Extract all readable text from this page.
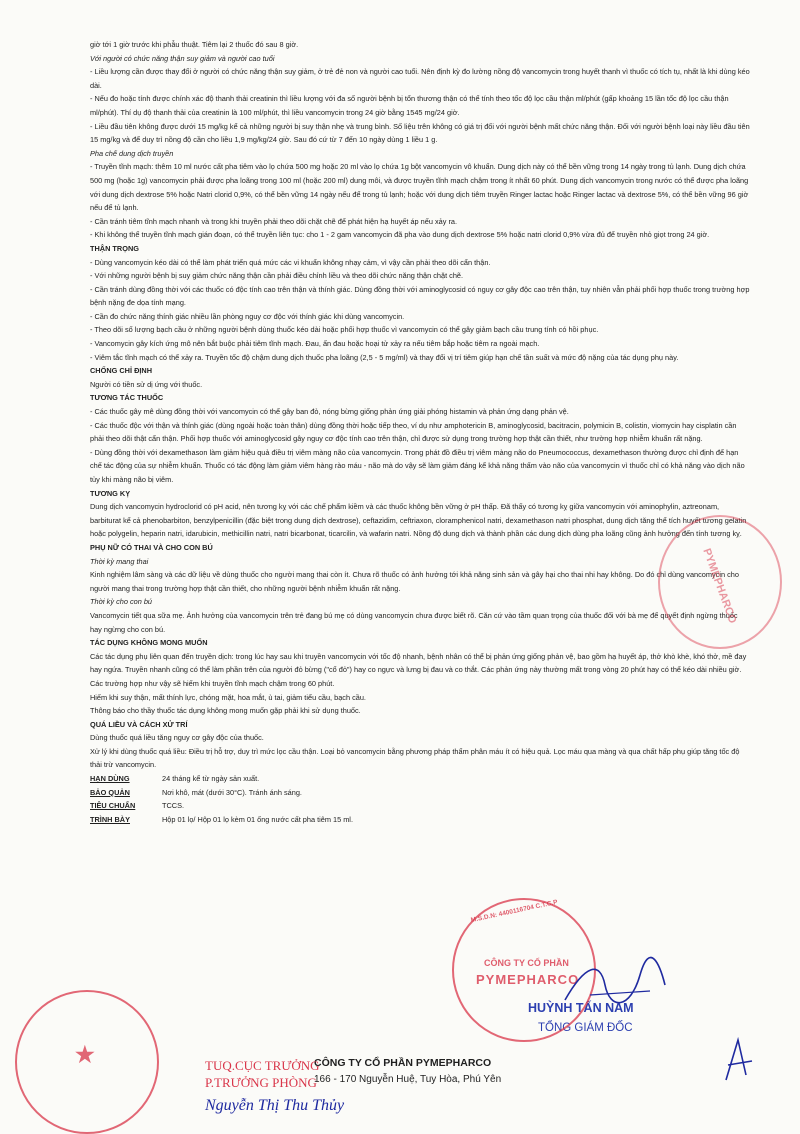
giờ tới 1 giờ trước khi phẫu thuật. Tiêm lại 2 thuốc đó sau 8 giờ.

Với người có chức năng thận suy giảm và người cao tuổi

- Liều lượng cần được thay đổi ở người có chức năng thận suy giảm, ở trẻ đẻ non và người cao tuổi. Nên định kỳ đo lường nồng độ vancomycin trong huyết thanh vì thuốc có tích tụ, nhất là khi dùng kéo dài.

- Nếu đo hoặc tính được chính xác độ thanh thải creatinin thì liều lượng với đa số người bệnh bị tổn thương thận có thể tính theo tốc độ lọc cầu thận ml/phút (gấp khoảng 15 lần tốc độ lọc cầu thận ml/phút). Thí dụ độ thanh thải của creatinin là 100 ml/phút, thì liều vancomycin trong 24 giờ bằng 1545 mg/24 giờ.

- Liều đầu tiên không được dưới 15 mg/kg kể cả những người bị suy thận nhẹ và trung bình. Số liệu trên không có giá trị đối với người bệnh mất chức năng thận. Đối với người bệnh loại này liều đầu tiên 15 mg/kg và để duy trì nồng độ cần cho liều 1,9 mg/kg/24 giờ. Sau đó cứ từ 7 đến 10 ngày dùng 1 liều 1 g.

Pha chế dung dịch truyền

- Truyền tĩnh mạch: thêm 10 ml nước cất pha tiêm vào lọ chứa 500 mg hoặc 20 ml vào lọ chứa 1g bột vancomycin vô khuẩn. Dung dịch này có thể bền vững trong 14 ngày trong tủ lạnh. Dung dịch chứa 500 mg (hoặc 1g) vancomycin phải được pha loãng trong 100 ml (hoặc 200 ml) dung môi, và được truyền tĩnh mạch chậm trong ít nhất 60 phút. Dung dịch vancomycin trong nước có thể được pha loãng với dung dịch dextrose 5% hoặc Natri clorid 0,9%, có thể bền vững 14 ngày nếu để trong tủ lạnh; hoặc với dung dịch tiêm truyền Ringer lactac hoặc Ringer lactac và dextrose 5%, có thể bền vững 96 giờ nếu để tủ lạnh.

- Cần tránh tiêm tĩnh mạch nhanh và trong khi truyền phải theo dõi chặt chẽ để phát hiện hạ huyết áp nếu xảy ra.

- Khi không thể truyền tĩnh mạch gián đoạn, có thể truyền liên tục: cho 1 - 2 gam vancomycin đã pha vào dung dịch dextrose 5% hoặc natri clorid 0,9% vừa đủ để truyền nhỏ giọt trong 24 giờ.

THẬN TRỌNG

- Dùng vancomycin kéo dài có thể làm phát triển quá mức các vi khuẩn không nhạy cảm, vì vậy cần phải theo dõi cẩn thận.

- Với những người bệnh bị suy giảm chức năng thận cần phải điều chỉnh liều và theo dõi chức năng thận chặt chẽ.

- Cần tránh dùng đồng thời với các thuốc có độc tính cao trên thận và thính giác. Dùng đồng thời với aminoglycosid có nguy cơ gây độc cao trên thận, tuy nhiên vẫn phải phối hợp thuốc trong trường hợp bệnh nặng đe dọa tính mạng.

- Cần đo chức năng thính giác nhiều lần phòng nguy cơ độc với thính giác khi dùng vancomycin.

- Theo dõi số lượng bạch cầu ở những người bệnh dùng thuốc kéo dài hoặc phối hợp thuốc vì vancomycin có thể gây giảm bạch cầu trung tính có hồi phục.

- Vancomycin gây kích ứng mô nên bắt buộc phải tiêm tĩnh mạch. Đau, ấn đau hoặc hoại tử xảy ra nếu tiêm bắp hoặc tiêm ra ngoài mạch.

- Viêm tắc tĩnh mạch có thể xảy ra. Truyền tốc độ chậm dung dịch thuốc pha loãng (2,5 - 5 mg/ml) và thay đổi vị trí tiêm giúp hạn chế tần suất và mức độ nặng của tác dụng phụ này.

CHỐNG CHỈ ĐỊNH

Người có tiền sử dị ứng với thuốc.

TƯƠNG TÁC THUỐC

- Các thuốc gây mê dùng đồng thời với vancomycin có thể gây ban đỏ, nóng bừng giống phản ứng giải phóng histamin và phản ứng dạng phản vệ.

- Các thuốc độc với thận và thính giác (dùng ngoài hoặc toàn thân) dùng đồng thời hoặc tiếp theo, ví dụ như amphotericin B, aminoglycosid, bacitracin, polymicin B, colistin, viomycin hay cisplatin cần phải theo dõi thật cẩn thận. Phối hợp thuốc với aminoglycosid gây nguy cơ độc tính cao trên thận, chỉ được sử dụng trong trường hợp thật cần thiết, như trường hợp nhiễm khuẩn rất nặng.

- Dùng đồng thời với dexamethason làm giảm hiệu quả điều trị viêm màng não của vancomycin. Trong phát đồ điều trị viêm màng não do Pneumococcus, dexamethason thường được chỉ định để hạn chế tác động của sự nhiễm khuẩn. Thuốc có tác động làm giảm viêm hàng rào máu - não mà do vậy sẽ làm giảm đáng kể khả năng thấm vào não của vancomycin vì thuốc chỉ có khả năng vào dịch não tủy khi màng não bị viêm.

TƯƠNG KỴ

Dung dịch vancomycin hydroclorid có pH acid, nên tương kỵ với các chế phẩm kiềm và các thuốc không bền vững ở pH thấp. Đã thấy có tương kỵ giữa vancomycin với aminophylin, aztreonam, barbiturat kể cả phenobarbiton, benzylpenicillin (đặc biệt trong dung dịch dextrose), ceftazidim, ceftriaxon, cloramphenicol natri, dexamethason natri phosphat, dung dịch tăng thể tích huyết tương gelatin hoặc polygelin, heparin natri, idarubicin, methicillin natri, natri bicarbonat, ticarcilin, và wafarin natri. Nồng độ dung dịch và thành phần các dung dịch dùng pha loãng cũng ảnh hưởng đến tính tương kỵ.

PHỤ NỮ CÓ THAI VÀ CHO CON BÚ

Thời kỳ mang thai

Kinh nghiệm lâm sàng và các dữ liệu về dùng thuốc cho người mang thai còn ít. Chưa rõ thuốc có ảnh hưởng tới khả năng sinh sản và gây hại cho thai nhi hay không. Do đó chỉ dùng vancomycin cho người mang thai trong trường hợp thật cần thiết, cho những người bệnh nhiễm khuẩn rất nặng.

Thời kỳ cho con bú

Vancomycin tiết qua sữa mẹ. Ảnh hưởng của vancomycin trên trẻ đang bú mẹ có dùng vancomycin chưa được biết rõ. Căn cứ vào tầm quan trọng của thuốc đối với bà mẹ để quyết định ngừng thuốc hay ngừng cho con bú.

TÁC DỤNG KHÔNG MONG MUỐN

Các tác dụng phụ liên quan đến truyền dịch: trong lúc hay sau khi truyền vancomycin với tốc độ nhanh, bệnh nhân có thể bị phản ứng giống phản vệ, bao gồm hạ huyết áp, thở khò khè, khó thở, mề đay hay ngứa. Truyền nhanh cũng có thể làm phần trên của người đỏ bừng ("cổ đỏ") hay co ngực và lưng bị đau và co thắt. Các phản ứng này thường mất trong vòng 20 phút hay có thể kéo dài nhiều giờ. Các trường hợp như vậy sẽ hiếm khi truyền tĩnh mạch chậm trong 60 phút.

Hiếm khi suy thận, mất thính lực, chóng mặt, hoa mắt, ù tai, giảm tiểu cầu, bạch cầu.

Thông báo cho thầy thuốc tác dụng không mong muốn gặp phải khi sử dụng thuốc.

QUÁ LIỀU VÀ CÁCH XỬ TRÍ

Dùng thuốc quá liều tăng nguy cơ gây độc của thuốc.

Xử lý khi dùng thuốc quá liều: Điều trị hỗ trợ, duy trì mức lọc cầu thận. Loại bỏ vancomycin bằng phương pháp thẩm phân máu ít có hiệu quả. Lọc máu qua màng và qua chất hấp phụ giúp tăng tốc độ thải trừ vancomycin.

HẠN DÙNG	24 tháng kể từ ngày sản xuất.
BẢO QUẢN	Nơi khô, mát (dưới 30°C). Tránh ánh sáng.
TIÊU CHUẨN	TCCS.
TRÌNH BÀY	Hộp 01 lọ/ Hộp 01 lọ kèm 01 ống nước cất pha tiêm 15 ml.
CÔNG TY CỔ PHẦN PYMEPHARCO
166 - 170 Nguyễn Huệ, Tuy Hòa, Phú Yên
HUỲNH TẤN NAM
TỔNG GIÁM ĐỐC
TUQ.CỤC TRƯỞNG
P.TRƯỞNG PHÒNG
Nguyễn Thị Thu Thủy
CÔNG TY CỔ PHẦN
PYMEPHARCO
M.S.D.N: 4400116704 C.T.C.P
PYMEPHARCO
★
